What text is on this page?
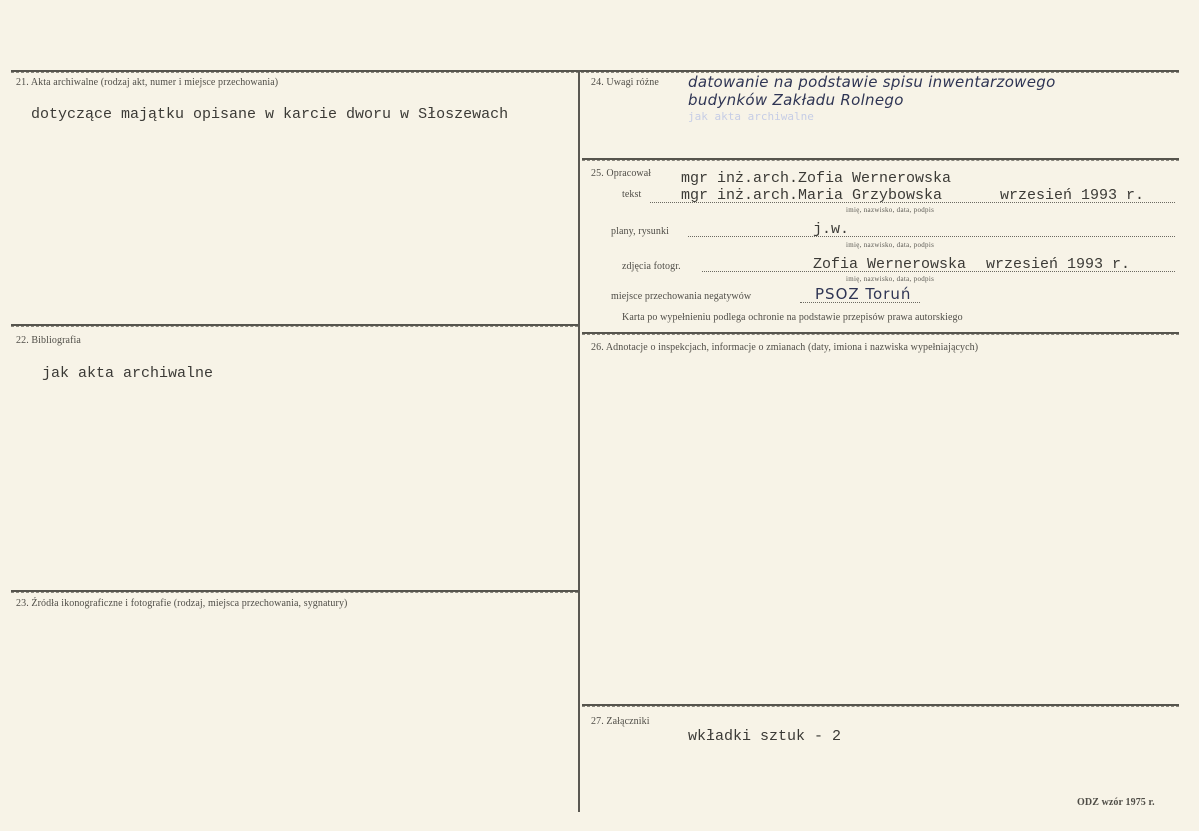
21. Akta archiwalne (rodzaj akt, numer i miejsce przechowania)
dotyczące majątku opisane w karcie dworu w Słoszewach
22. Bibliografia
jak akta archiwalne
23. Źródła ikonograficzne i fotografie (rodzaj, miejsca przechowania, sygnatury)
24. Uwagi różne datowanie na podstawie spisu inwentarzowego
budynków Zakładu Rolnego
jak akta archiwalne
25. Opracował mgr inż.arch.Zofia Wernerowska
tekst	mgr inż.arch.Maria Grzybowska	wrzesień 1993 r.
imię, nazwisko, data, podpis
plany, rysunki	j.w.
imię, nazwisko, data, podpis
zdjęcia fotogr.	Zofia Wernerowska wrzesień 1993 r.
imię, nazwisko, data, podpis
miejsce przechowania negatywów	PSOZ Toruń
Karta po wypełnieniu podlega ochronie na podstawie przepisów prawa autorskiego
26. Adnotacje o inspekcjach, informacje o zmianach (daty, imiona i nazwiska wypełniających)
27. Załączniki
wkładki sztuk - 2
ODZ wzór 1975 r.
